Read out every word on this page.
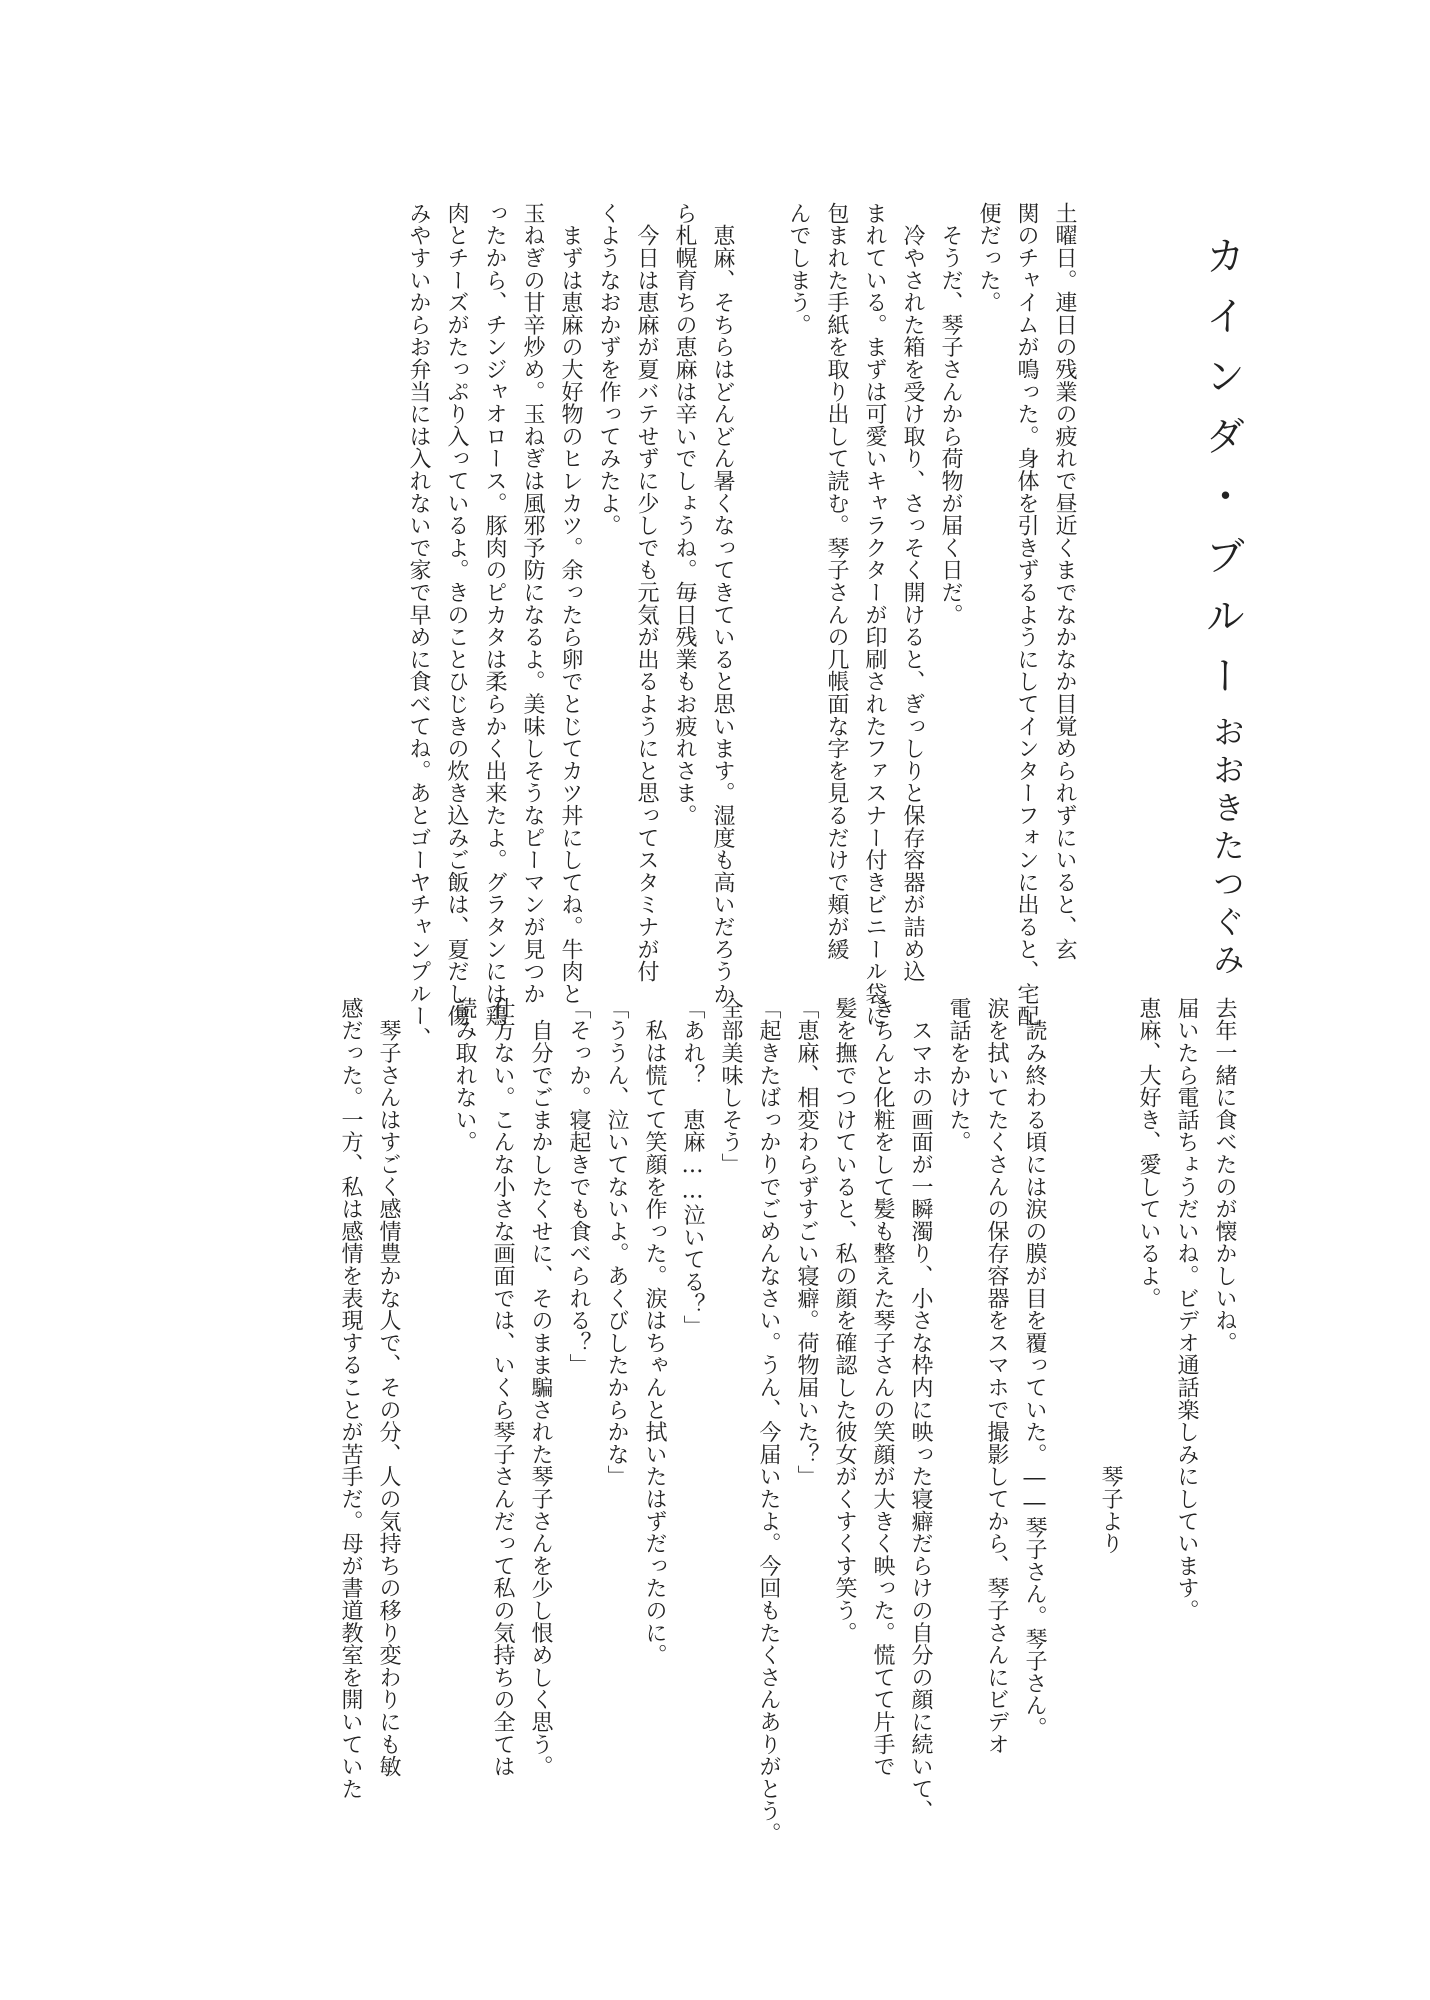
カインダ・ブルー
おおきたつぐみ
土曜日。連日の残業の疲れで昼近くまでなかなか目覚められずにいると、玄
関のチャイムが鳴った。身体を引きずるようにしてインターフォンに出ると、宅配
便だった。
　そうだ、琴子さんから荷物が届く日だ。
　冷やされた箱を受け取り、さっそく開けると、ぎっしりと保存容器が詰め込
まれている。まずは可愛いキャラクターが印刷されたファスナー付きビニール袋に
包まれた手紙を取り出して読む。琴子さんの几帳面な字を見るだけで頬が緩
んでしまう。
　恵麻、そちらはどんどん暑くなってきていると思います。湿度も高いだろうか
ら札幌育ちの恵麻は辛いでしょうね。毎日残業もお疲れさま。
　今日は恵麻が夏バテせずに少しでも元気が出るようにと思ってスタミナが付
くようなおかずを作ってみたよ。
　まずは恵麻の大好物のヒレカツ。余ったら卵でとじてカツ丼にしてね。牛肉と
玉ねぎの甘辛炒め。玉ねぎは風邪予防になるよ。美味しそうなピーマンが見つか
ったから、チンジャオロース。豚肉のピカタは柔らかく出来たよ。グラタンには鶏
肉とチーズがたっぷり入っているよ。きのことひじきの炊き込みご飯は、夏だし傷
みやすいからお弁当には入れないで家で早めに食べてね。あとゴーヤチャンプルー、
去年一緒に食べたのが懐かしいね。
届いたら電話ちょうだいね。ビデオ通話楽しみにしています。
恵麻、大好き、愛しているよ。
　　　　　　　　　　　　　　　　　　　　　琴子より
　読み終わる頃には涙の膜が目を覆っていた。――琴子さん。琴子さん。
涙を拭いてたくさんの保存容器をスマホで撮影してから、琴子さんにビデオ
電話をかけた。
　スマホの画面が一瞬濁り、小さな枠内に映った寝癖だらけの自分の顔に続いて、
きちんと化粧をして髪も整えた琴子さんの笑顔が大きく映った。慌てて片手で
髪を撫でつけていると、私の顔を確認した彼女がくすくす笑う。
「恵麻、相変わらずすごい寝癖。荷物届いた？」
「起きたばっかりでごめんなさい。うん、今届いたよ。今回もたくさんありがとう。
全部美味しそう」
「あれ？　恵麻……泣いてる？」
　私は慌てて笑顔を作った。涙はちゃんと拭いたはずだったのに。
「ううん、泣いてないよ。あくびしたからかな」
「そっか。寝起きでも食べられる？」
　自分でごまかしたくせに、そのまま騙された琴子さんを少し恨めしく思う。
仕方ない。こんな小さな画面では、いくら琴子さんだって私の気持ちの全ては
読み取れない。
　琴子さんはすごく感情豊かな人で、その分、人の気持ちの移り変わりにも敏
感だった。一方、私は感情を表現することが苦手だ。母が書道教室を開いていた
